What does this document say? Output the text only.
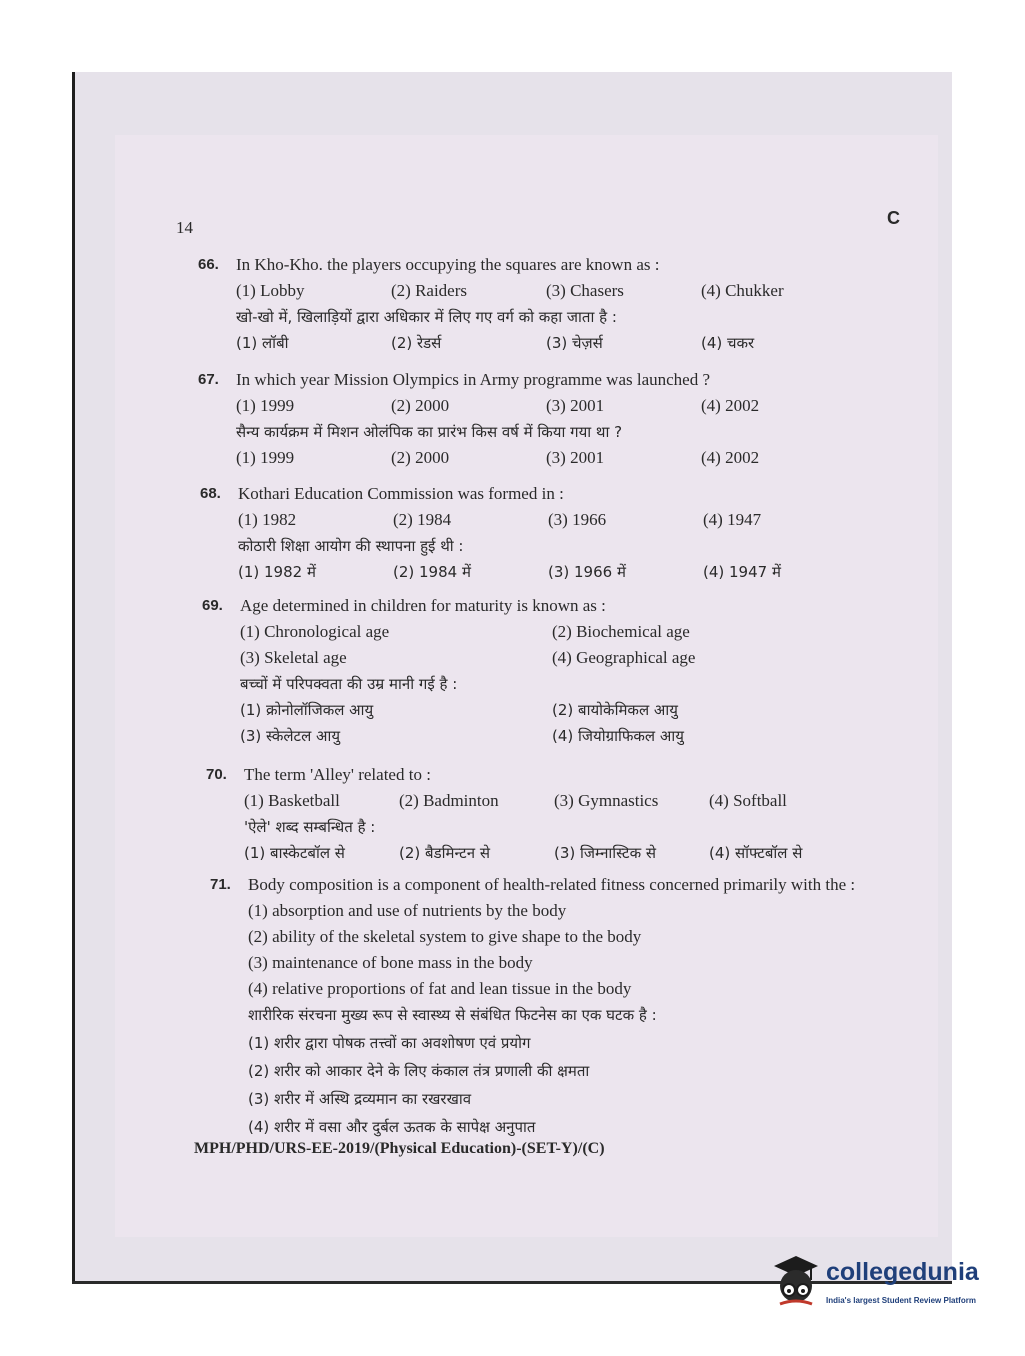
14	C
66. In Kho-Kho. the players occupying the squares are known as :
(1) Lobby	(2) Raiders	(3) Chasers	(4) Chukker
खो-खो में, खिलाड़ियों द्वारा अधिकार में लिए गए वर्ग को कहा जाता है :
(1) लॉबी	(2) रेडर्स	(3) चेज़र्स	(4) चकर
67. In which year Mission Olympics in Army programme was launched ?
(1) 1999	(2) 2000	(3) 2001	(4) 2002
सैन्य कार्यक्रम में मिशन ओलंपिक का प्रारंभ किस वर्ष में किया गया था ?
(1) 1999	(2) 2000	(3) 2001	(4) 2002
68. Kothari Education Commission was formed in :
(1) 1982	(2) 1984	(3) 1966	(4) 1947
कोठारी शिक्षा आयोग की स्थापना हुई थी :
(1) 1982 में	(2) 1984 में	(3) 1966 में	(4) 1947 में
69. Age determined in children for maturity is known as :
(1) Chronological age	(2) Biochemical age
(3) Skeletal age	(4) Geographical age
बच्चों में परिपक्वता की उम्र मानी गई है :
(1) क्रोनोलॉजिकल आयु	(2) बायोकेमिकल आयु
(3) स्केलेटल आयु	(4) जियोग्राफिकल आयु
70. The term 'Alley' related to :
(1) Basketball	(2) Badminton	(3) Gymnastics	(4) Softball
'ऐले' शब्द सम्बन्धित है :
(1) बास्केटबॉल से	(2) बैडमिन्टन से	(3) जिम्नास्टिक से	(4) सॉफ्टबॉल से
71. Body composition is a component of health-related fitness concerned primarily with the :
(1) absorption and use of nutrients by the body
(2) ability of the skeletal system to give shape to the body
(3) maintenance of bone mass in the body
(4) relative proportions of fat and lean tissue in the body
शारीरिक संरचना मुख्य रूप से स्वास्थ्य से संबंधित फिटनेस का एक घटक है :
(1) शरीर द्वारा पोषक तत्त्वों का अवशोषण एवं प्रयोग
(2) शरीर को आकार देने के लिए कंकाल तंत्र प्रणाली की क्षमता
(3) शरीर में अस्थि द्रव्यमान का रखरखाव
(4) शरीर में वसा और दुर्बल ऊतक के सापेक्ष अनुपात
MPH/PHD/URS-EE-2019/(Physical Education)-(SET-Y)/(C)
collegedunia
India's largest Student Review Platform
